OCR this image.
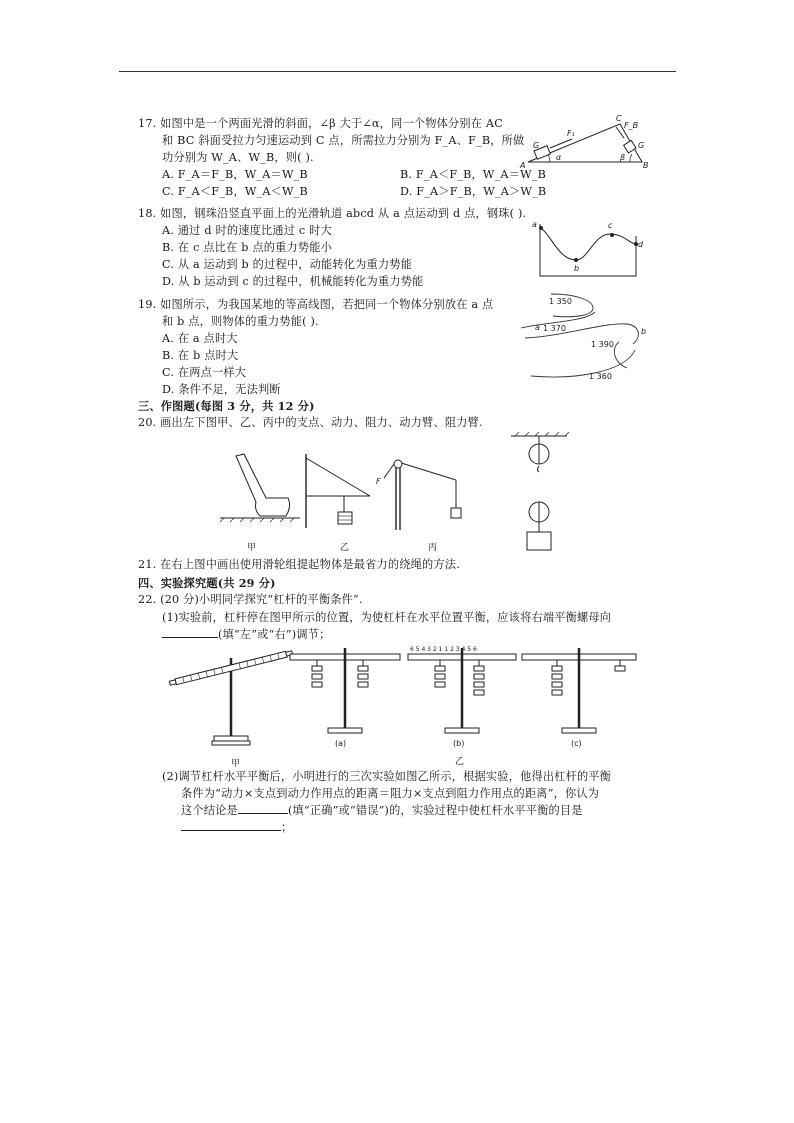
17. 如图中是一个两面光滑的斜面，∠β 大于∠α，同一个物体分别在 AC
和 BC 斜面受拉力匀速运动到 C 点，所需拉力分别为 F_A、F_B，所做
功分别为 W_A、W_B，则( ).
A. F_A＝F_B，W_A＝W_B	B. F_A＜F_B，W_A＝W_B
C. F_A＜F_B，W_A＜W_B	D. F_A＞F_B，W_A＞W_B
A	B
C
G	G
F₁
F_B
α	β
18. 如图，钢珠沿竖直平面上的光滑轨道 abcd 从 a 点运动到 d 点，钢珠( ).
A. 通过 d 时的速度比通过 c 时大
B. 在 c 点比在 b 点的重力势能小
C. 从 a 运动到 b 的过程中，动能转化为重力势能
D. 从 b 运动到 c 的过程中，机械能转化为重力势能
a
b
c
d
19. 如图所示，为我国某地的等高线图，若把同一个物体分别放在 a 点
和 b 点，则物体的重力势能( ).
A. 在 a 点时大
B. 在 b 点时大
C. 在两点一样大
D. 条件不足，无法判断
1 350
1 370
1 390
1 360
a	b
三、作图题(每图 3 分，共 12 分)
20. 画出左下图甲、乙、丙中的支点、动力、阻力、动力臂、阻力臂.
F
甲	乙	丙
21. 在右上图中画出使用滑轮组提起物体是最省力的绕绳的方法.
四、实验探究题(共 29 分)
22. (20 分)小明同学探究“杠杆的平衡条件”.
(1)实验前，杠杆停在图甲所示的位置，为使杠杆在水平位置平衡，应该将右端平衡螺母向
(填“左”或“右”)调节；
6 5 4 3 2 1 1 2 3 4 5 6
甲
(a)	(b)	(c)
乙
(2)调节杠杆水平平衡后，小明进行的三次实验如图乙所示，根据实验，他得出杠杆的平衡
条件为“动力×支点到动力作用点的距离＝阻力×支点到阻力作用点的距离”，你认为
这个结论是	(填“正确”或“错误”)的，实验过程中使杠杆水平平衡的目是
；
